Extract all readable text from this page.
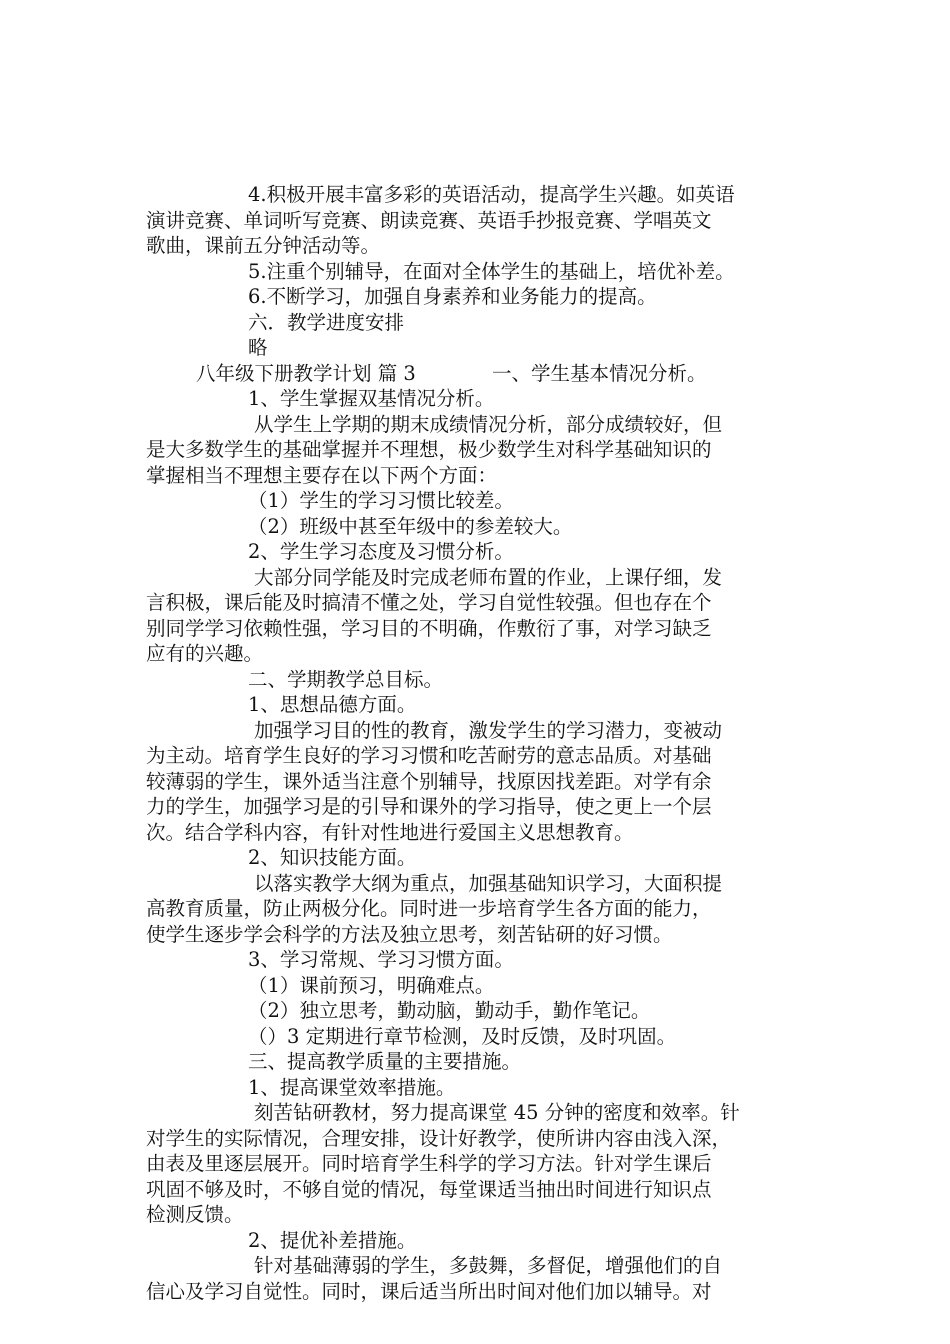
4.积极开展丰富多彩的英语活动，提高学生兴趣。如英语
演讲竞赛、单词听写竞赛、朗读竞赛、英语手抄报竞赛、学唱英文
歌曲，课前五分钟活动等。
5.注重个别辅导，在面对全体学生的基础上，培优补差。
6.不断学习，加强自身素养和业务能力的提高。
六．教学进度安排
略
八年级下册教学计划 篇 3	一、学生基本情况分析。
1、学生掌握双基情况分析。
从学生上学期的期末成绩情况分析，部分成绩较好，但
是大多数学生的基础掌握并不理想，极少数学生对科学基础知识的
掌握相当不理想主要存在以下两个方面：
（1）学生的学习习惯比较差。
（2）班级中甚至年级中的参差较大。
2、学生学习态度及习惯分析。
大部分同学能及时完成老师布置的作业，上课仔细，发
言积极，课后能及时搞清不懂之处，学习自觉性较强。但也存在个
别同学学习依赖性强，学习目的不明确，作敷衍了事，对学习缺乏
应有的兴趣。
二、学期教学总目标。
1、思想品德方面。
加强学习目的性的教育，激发学生的学习潜力，变被动
为主动。培育学生良好的学习习惯和吃苦耐劳的意志品质。对基础
较薄弱的学生，课外适当注意个别辅导，找原因找差距。对学有余
力的学生，加强学习是的引导和课外的学习指导，使之更上一个层
次。结合学科内容，有针对性地进行爱国主义思想教育。
2、知识技能方面。
以落实教学大纲为重点，加强基础知识学习，大面积提
高教育质量，防止两极分化。同时进一步培育学生各方面的能力，
使学生逐步学会科学的方法及独立思考，刻苦钻研的好习惯。
3、学习常规、学习习惯方面。
（1）课前预习，明确难点。
（2）独立思考，勤动脑，勤动手，勤作笔记。
（）3 定期进行章节检测，及时反馈，及时巩固。
三、提高教学质量的主要措施。
1、提高课堂效率措施。
刻苦钻研教材，努力提高课堂 45 分钟的密度和效率。针
对学生的实际情况，合理安排，设计好教学，使所讲内容由浅入深，
由表及里逐层展开。同时培育学生科学的学习方法。针对学生课后
巩固不够及时，不够自觉的情况，每堂课适当抽出时间进行知识点
检测反馈。
2、提优补差措施。
针对基础薄弱的学生，多鼓舞，多督促，增强他们的自
信心及学习自觉性。同时，课后适当所出时间对他们加以辅导。对
